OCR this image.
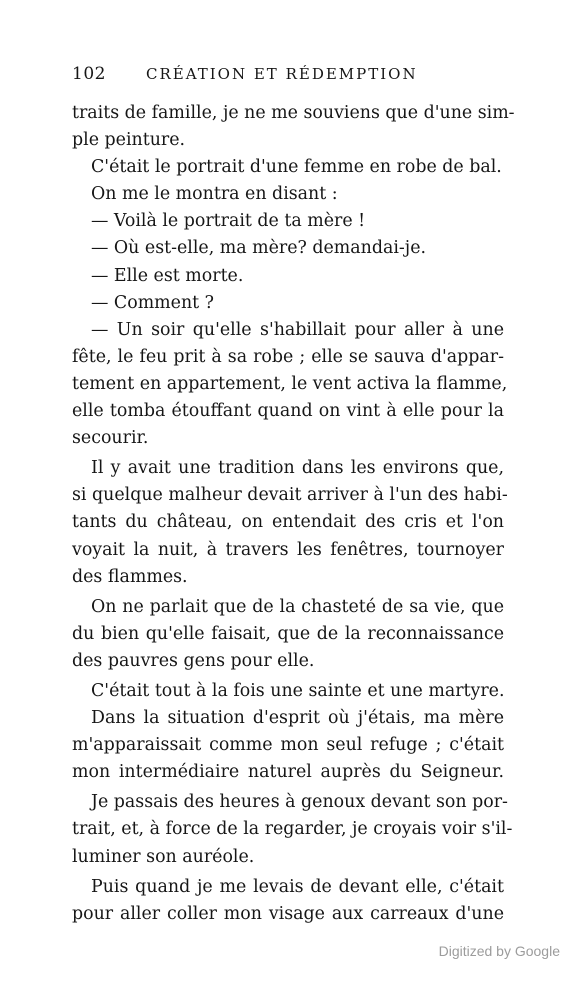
102	CRÉATION ET RÉDEMPTION
traits de famille, je ne me souviens que d'une sim-
ple peinture.
C'était le portrait d'une femme en robe de bal.
On me le montra en disant :
— Voilà le portrait de ta mère !
— Où est-elle, ma mère? demandai-je.
— Elle est morte.
— Comment ?
— Un soir qu'elle s'habillait pour aller à une
fête, le feu prit à sa robe ; elle se sauva d'appar-
tement en appartement, le vent activa la flamme,
elle tomba étouffant quand on vint à elle pour la
secourir.
Il y avait une tradition dans les environs que,
si quelque malheur devait arriver à l'un des habi-
tants du château, on entendait des cris et l'on
voyait la nuit, à travers les fenêtres, tournoyer
des flammes.
On ne parlait que de la chasteté de sa vie, que
du bien qu'elle faisait, que de la reconnaissance
des pauvres gens pour elle.
C'était tout à la fois une sainte et une martyre.
Dans la situation d'esprit où j'étais, ma mère
m'apparaissait comme mon seul refuge ; c'était
mon intermédiaire naturel auprès du Seigneur.
Je passais des heures à genoux devant son por-
trait, et, à force de la regarder, je croyais voir s'il-
luminer son auréole.
Puis quand je me levais de devant elle, c'était
pour aller coller mon visage aux carreaux d'une
Digitized by Google
